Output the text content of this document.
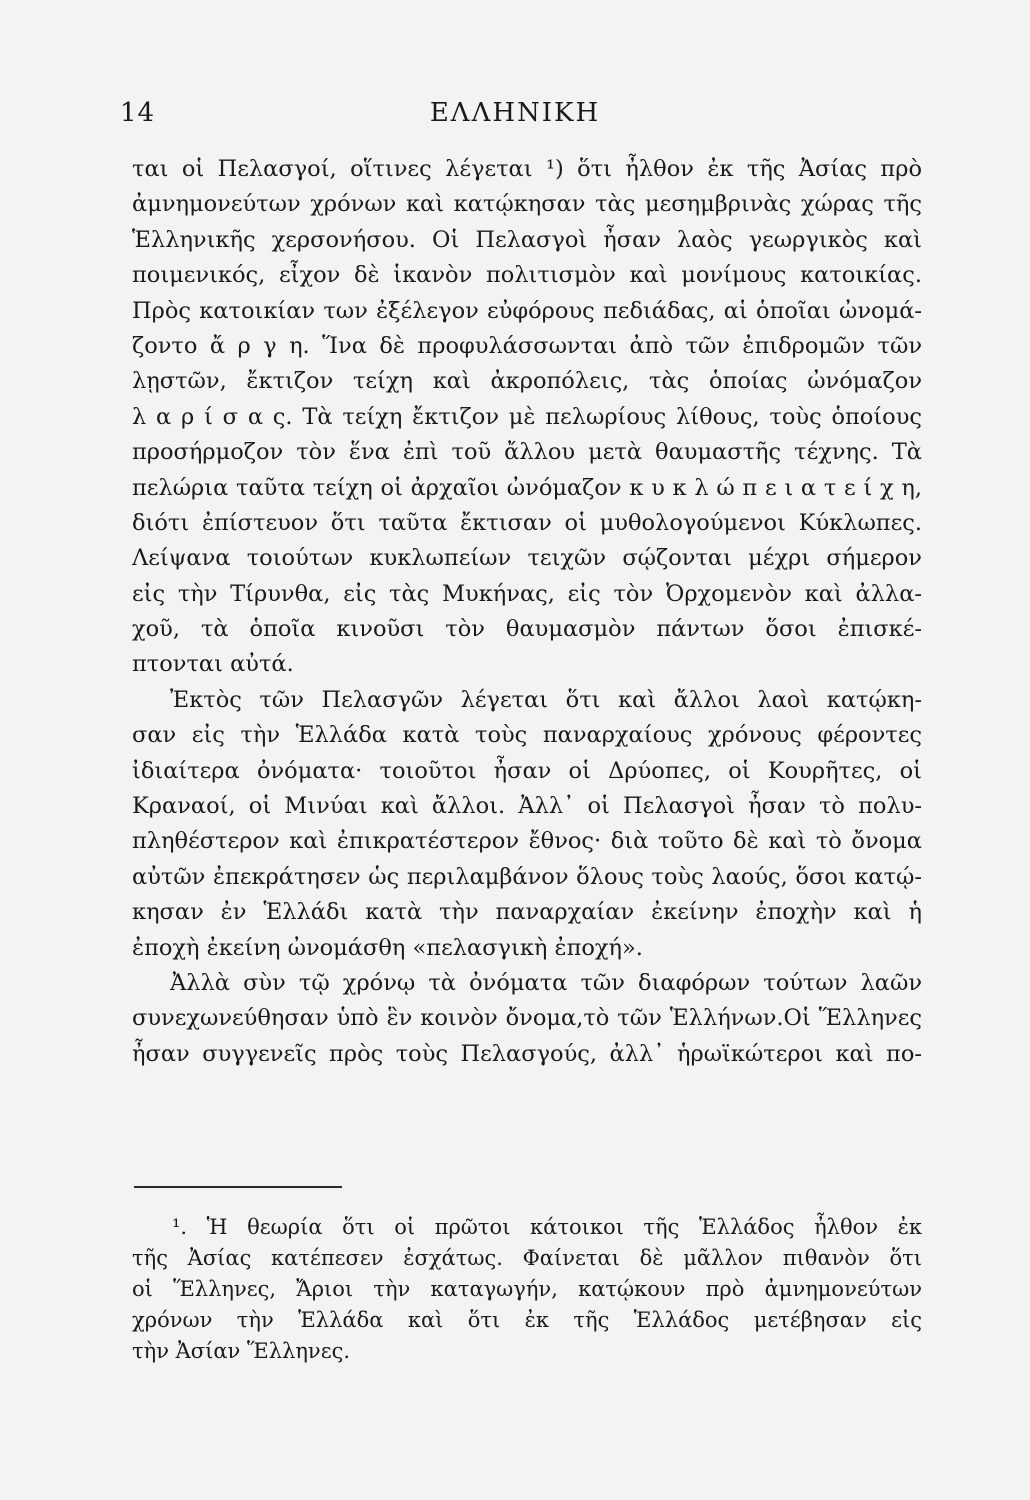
14	ΕΛΛΗΝΙΚΗ
ται οἱ Πελασγοί, οἵτινες λέγεται ¹) ὅτι ἦλθον ἐκ τῆς Ἀσίας πρὸ
ἀμνημονεύτων χρόνων καὶ κατῴκησαν τὰς μεσημβρινὰς χώρας τῆς
Ἑλληνικῆς χερσονήσου. Οἱ Πελασγοὶ ἦσαν λαὸς γεωργικὸς καὶ
ποιμενικός, εἶχον δὲ ἱκανὸν πολιτισμὸν καὶ μονίμους κατοικίας.
Πρὸς κατοικίαν των ἐξέλεγον εὐφόρους πεδιάδας, αἱ ὁποῖαι ὠνομά-
ζοντο ἄ ρ γ η. Ἵνα δὲ προφυλάσσωνται ἀπὸ τῶν ἐπιδρομῶν τῶν
λῃστῶν, ἔκτιζον τείχη καὶ ἀκροπόλεις, τὰς ὁποίας ὠνόμαζον
λ α ρ ί σ α ς. Τὰ τείχη ἔκτιζον μὲ πελωρίους λίθους, τοὺς ὁποίους
προσήρμοζον τὸν ἕνα ἐπὶ τοῦ ἄλλου μετὰ θαυμαστῆς τέχνης. Τὰ
πελώρια ταῦτα τείχη οἱ ἀρχαῖοι ὠνόμαζον κ υ κ λ ώ π ε ι α τ ε ί χ η,
διότι ἐπίστευον ὅτι ταῦτα ἔκτισαν οἱ μυθολογούμενοι Κύκλωπες.
Λείψανα τοιούτων κυκλωπείων τειχῶν σῴζονται μέχρι σήμερον
εἰς τὴν Τίρυνθα, εἰς τὰς Μυκήνας, εἰς τὸν Ὀρχομενὸν καὶ ἀλλα-
χοῦ, τὰ ὁποῖα κινοῦσι τὸν θαυμασμὸν πάντων ὅσοι ἐπισκέ-
πτονται αὐτά.
Ἐκτὸς τῶν Πελασγῶν λέγεται ὅτι καὶ ἄλλοι λαοὶ κατῴκη-
σαν εἰς τὴν Ἑλλάδα κατὰ τοὺς παναρχαίους χρόνους φέροντες
ἰδιαίτερα ὀνόματα· τοιοῦτοι ἦσαν οἱ Δρύοπες, οἱ Κουρῆτες, οἱ
Κραναοί, οἱ Μινύαι καὶ ἄλλοι. Ἀλλ᾽ οἱ Πελασγοὶ ἦσαν τὸ πολυ-
πληθέστερον καὶ ἐπικρατέστερον ἔθνος· διὰ τοῦτο δὲ καὶ τὸ ὄνομα
αὐτῶν ἐπεκράτησεν ὡς περιλαμβάνον ὅλους τοὺς λαούς, ὅσοι κατῴ-
κησαν ἐν Ἑλλάδι κατὰ τὴν παναρχαίαν ἐκείνην ἐποχὴν καὶ ἡ
ἐποχὴ ἐκείνη ὠνομάσθη «πελασγικὴ ἐποχή».
Ἀλλὰ σὺν τῷ χρόνῳ τὰ ὀνόματα τῶν διαφόρων τούτων λαῶν
συνεχωνεύθησαν ὑπὸ ἓν κοινὸν ὄνομα,τὸ τῶν Ἑλλήνων.Οἱ Ἕλληνες
ἦσαν συγγενεῖς πρὸς τοὺς Πελασγούς, ἀλλ᾽ ἡρωϊκώτεροι καὶ πο-
¹. Ἡ θεωρία ὅτι οἱ πρῶτοι κάτοικοι τῆς Ἑλλάδος ἦλθον ἐκ
τῆς Ἀσίας κατέπεσεν ἐσχάτως. Φαίνεται δὲ μᾶλλον πιθανὸν ὅτι
οἱ Ἕλληνες, Ἄριοι τὴν καταγωγήν, κατῴκουν πρὸ ἀμνημονεύτων
χρόνων τὴν Ἑλλάδα καὶ ὅτι ἐκ τῆς Ἑλλάδος μετέβησαν εἰς
τὴν Ἀσίαν Ἕλληνες.
